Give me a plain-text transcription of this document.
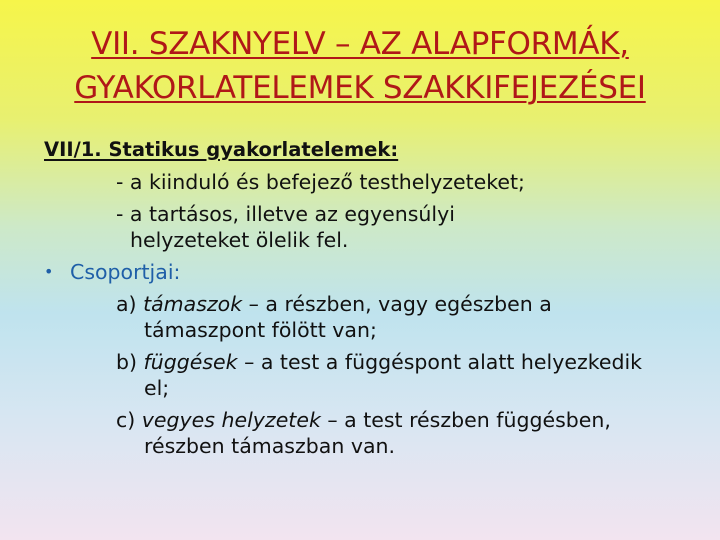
VII. SZAKNYELV – AZ ALAPFORMÁK,
GYAKORLATELEMEK SZAKKIFEJEZÉSEI
VII/1. Statikus gyakorlatelemek:
- a kiinduló és befejező testhelyzeteket;
- a tartásos, illetve az egyensúlyi
helyzeteket ölelik fel.
• Csoportjai:
a) támaszok – a részben, vagy egészben a
támaszpont fölött van;
b) függések – a test a függéspont alatt helyezkedik
el;
c) vegyes helyzetek – a test részben függésben,
részben támaszban van.
